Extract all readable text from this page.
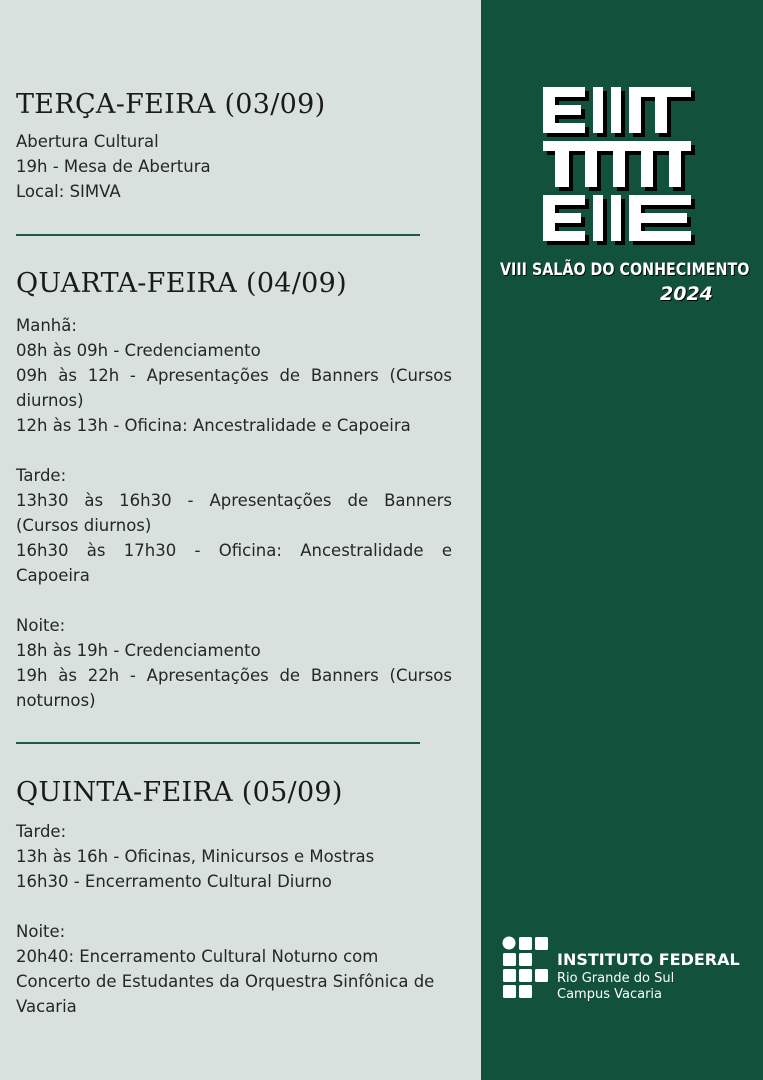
TERÇA-FEIRA (03/09)
Abertura Cultural
19h - Mesa de Abertura
Local: SIMVA
QUARTA-FEIRA (04/09)
Manhã:
08h às 09h - Credenciamento
09h às 12h - Apresentações de Banners (Cursos diurnos)
12h às 13h - Oficina: Ancestralidade e Capoeira
Tarde:
13h30 às 16h30 - Apresentações de Banners (Cursos diurnos)
16h30 às 17h30 - Oficina: Ancestralidade e Capoeira
Noite:
18h às 19h - Credenciamento
19h às 22h - Apresentações de Banners (Cursos noturnos)
QUINTA-FEIRA (05/09)
Tarde:
13h às 16h - Oficinas, Minicursos e Mostras
16h30 - Encerramento Cultural Diurno
Noite:
20h40: Encerramento Cultural Noturno com Concerto de Estudantes da Orquestra Sinfônica de Vacaria
VIII SALÃO DO CONHECIMENTO
2024
INSTITUTO FEDERAL
Rio Grande do Sul
Campus Vacaria
